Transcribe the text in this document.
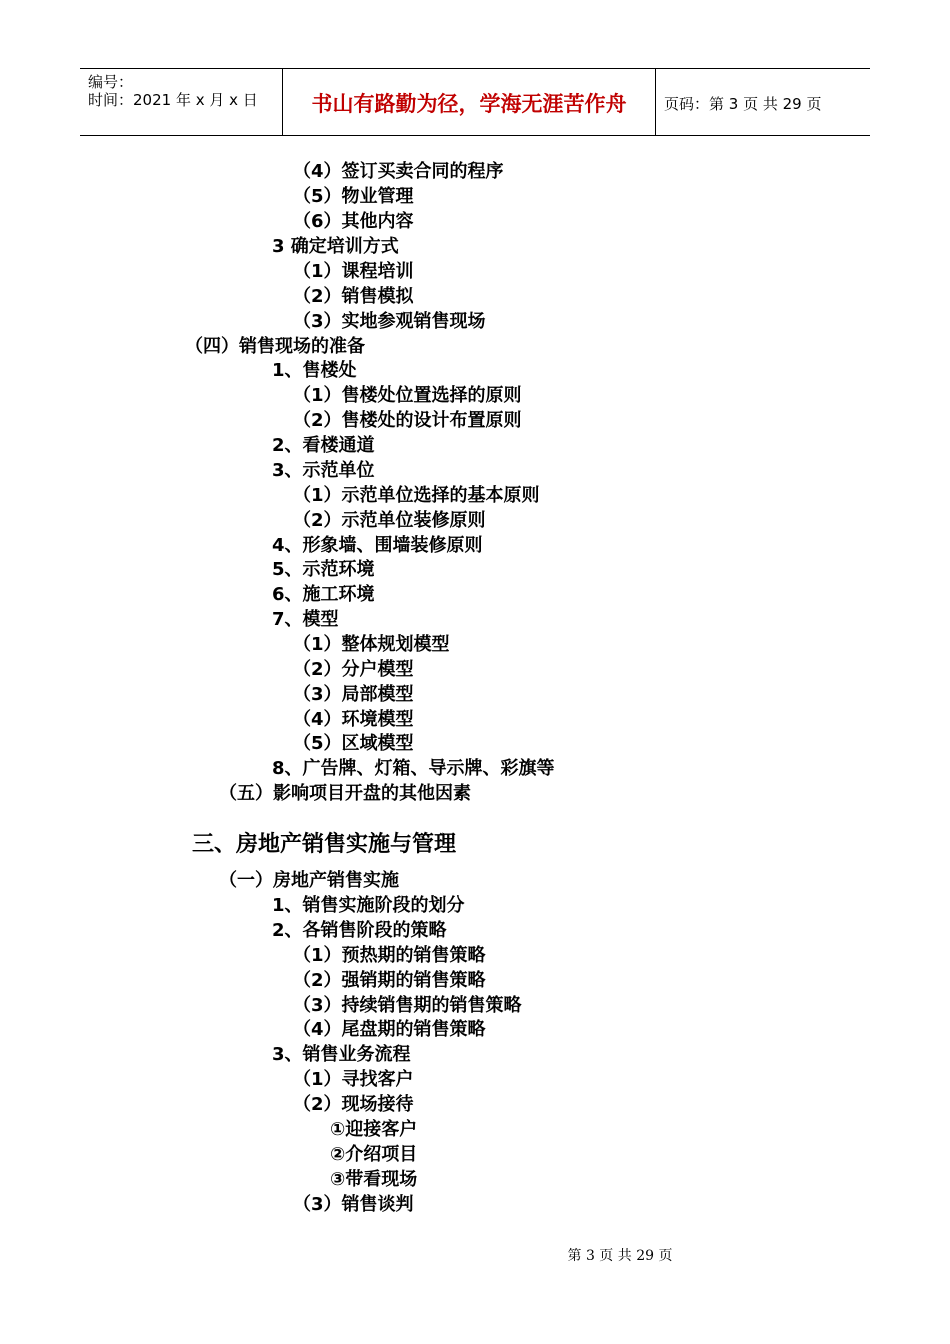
编号：
时间：2021 年 x 月 x 日	书山有路勤为径，学海无涯苦作舟	页码：第 3 页 共 29 页
（4）签订买卖合同的程序
（5）物业管理
（6）其他内容
3 确定培训方式
（1）课程培训
（2）销售模拟
（3）实地参观销售现场
（四）销售现场的准备
1、售楼处
（1）售楼处位置选择的原则
（2）售楼处的设计布置原则
2、看楼通道
3、示范单位
（1）示范单位选择的基本原则
（2）示范单位装修原则
4、形象墙、围墙装修原则
5、示范环境
6、施工环境
7、模型
（1）整体规划模型
（2）分户模型
（3）局部模型
（4）环境模型
（5）区域模型
8、广告牌、灯箱、导示牌、彩旗等
（五）影响项目开盘的其他因素
三、房地产销售实施与管理
（一）房地产销售实施
1、销售实施阶段的划分
2、各销售阶段的策略
（1）预热期的销售策略
（2）强销期的销售策略
（3）持续销售期的销售策略
（4）尾盘期的销售策略
3、销售业务流程
（1）寻找客户
（2）现场接待
①迎接客户
②介绍项目
③带看现场
（3）销售谈判
第 3 页 共 29 页
